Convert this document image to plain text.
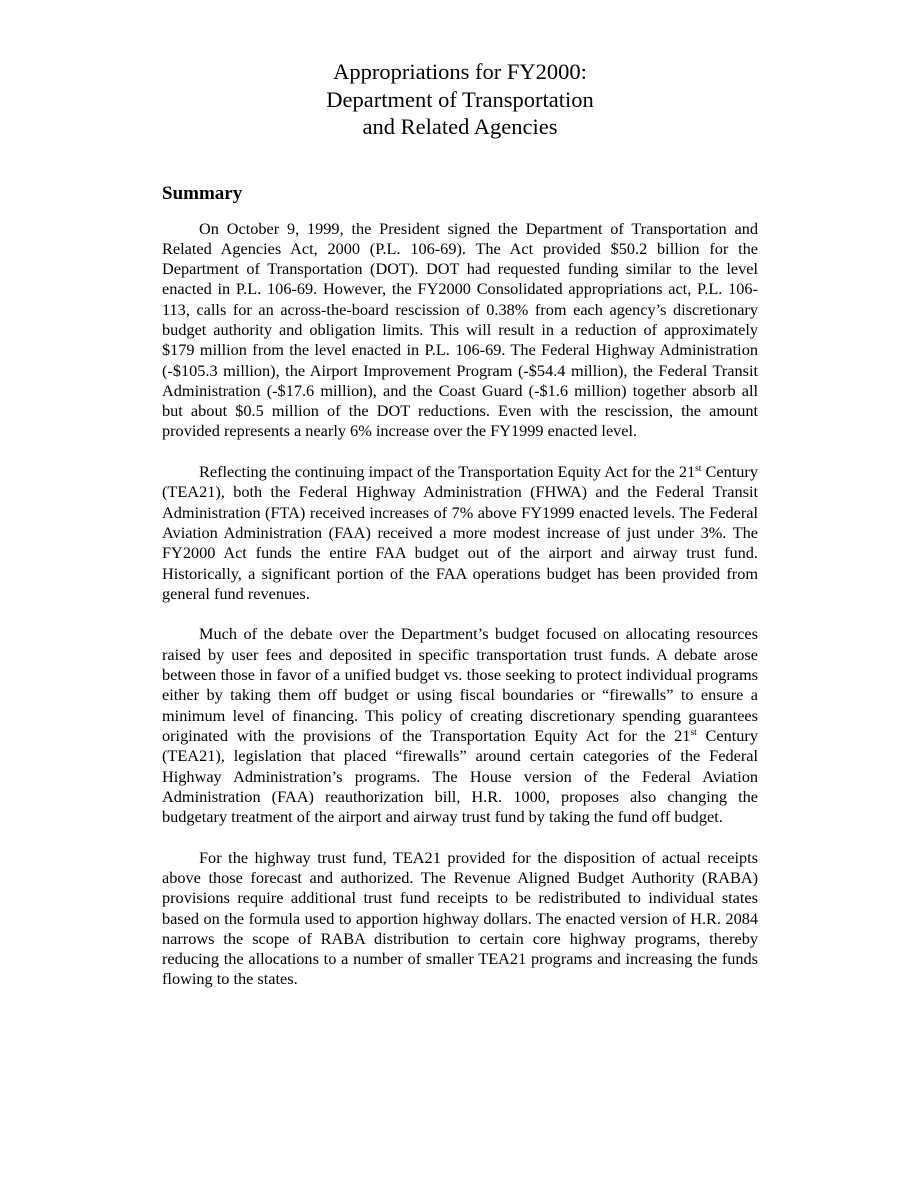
Appropriations for FY2000:
Department of Transportation
and Related Agencies
Summary

On October 9, 1999, the President signed the Department of Transportation and Related Agencies Act, 2000 (P.L. 106-69). The Act provided $50.2 billion for the Department of Transportation (DOT). DOT had requested funding similar to the level enacted in P.L. 106-69. However, the FY2000 Consolidated appropriations act, P.L. 106-113, calls for an across-the-board rescission of 0.38% from each agency’s discretionary budget authority and obligation limits. This will result in a reduction of approximately $179 million from the level enacted in P.L. 106-69. The Federal Highway Administration (-$105.3 million), the Airport Improvement Program (-$54.4 million), the Federal Transit Administration (-$17.6 million), and the Coast Guard (-$1.6 million) together absorb all but about $0.5 million of the DOT reductions. Even with the rescission, the amount provided represents a nearly 6% increase over the FY1999 enacted level.

Reflecting the continuing impact of the Transportation Equity Act for the 21st Century (TEA21), both the Federal Highway Administration (FHWA) and the Federal Transit Administration (FTA) received increases of 7% above FY1999 enacted levels. The Federal Aviation Administration (FAA) received a more modest increase of just under 3%. The FY2000 Act funds the entire FAA budget out of the airport and airway trust fund. Historically, a significant portion of the FAA operations budget has been provided from general fund revenues.

Much of the debate over the Department’s budget focused on allocating resources raised by user fees and deposited in specific transportation trust funds. A debate arose between those in favor of a unified budget vs. those seeking to protect individual programs either by taking them off budget or using fiscal boundaries or “firewalls” to ensure a minimum level of financing. This policy of creating discretionary spending guarantees originated with the provisions of the Transportation Equity Act for the 21st Century (TEA21), legislation that placed “firewalls” around certain categories of the Federal Highway Administration’s programs. The House version of the Federal Aviation Administration (FAA) reauthorization bill, H.R. 1000, proposes also changing the budgetary treatment of the airport and airway trust fund by taking the fund off budget.

For the highway trust fund, TEA21 provided for the disposition of actual receipts above those forecast and authorized. The Revenue Aligned Budget Authority (RABA) provisions require additional trust fund receipts to be redistributed to individual states based on the formula used to apportion highway dollars. The enacted version of H.R. 2084 narrows the scope of RABA distribution to certain core highway programs, thereby reducing the allocations to a number of smaller TEA21 programs and increasing the funds flowing to the states.
